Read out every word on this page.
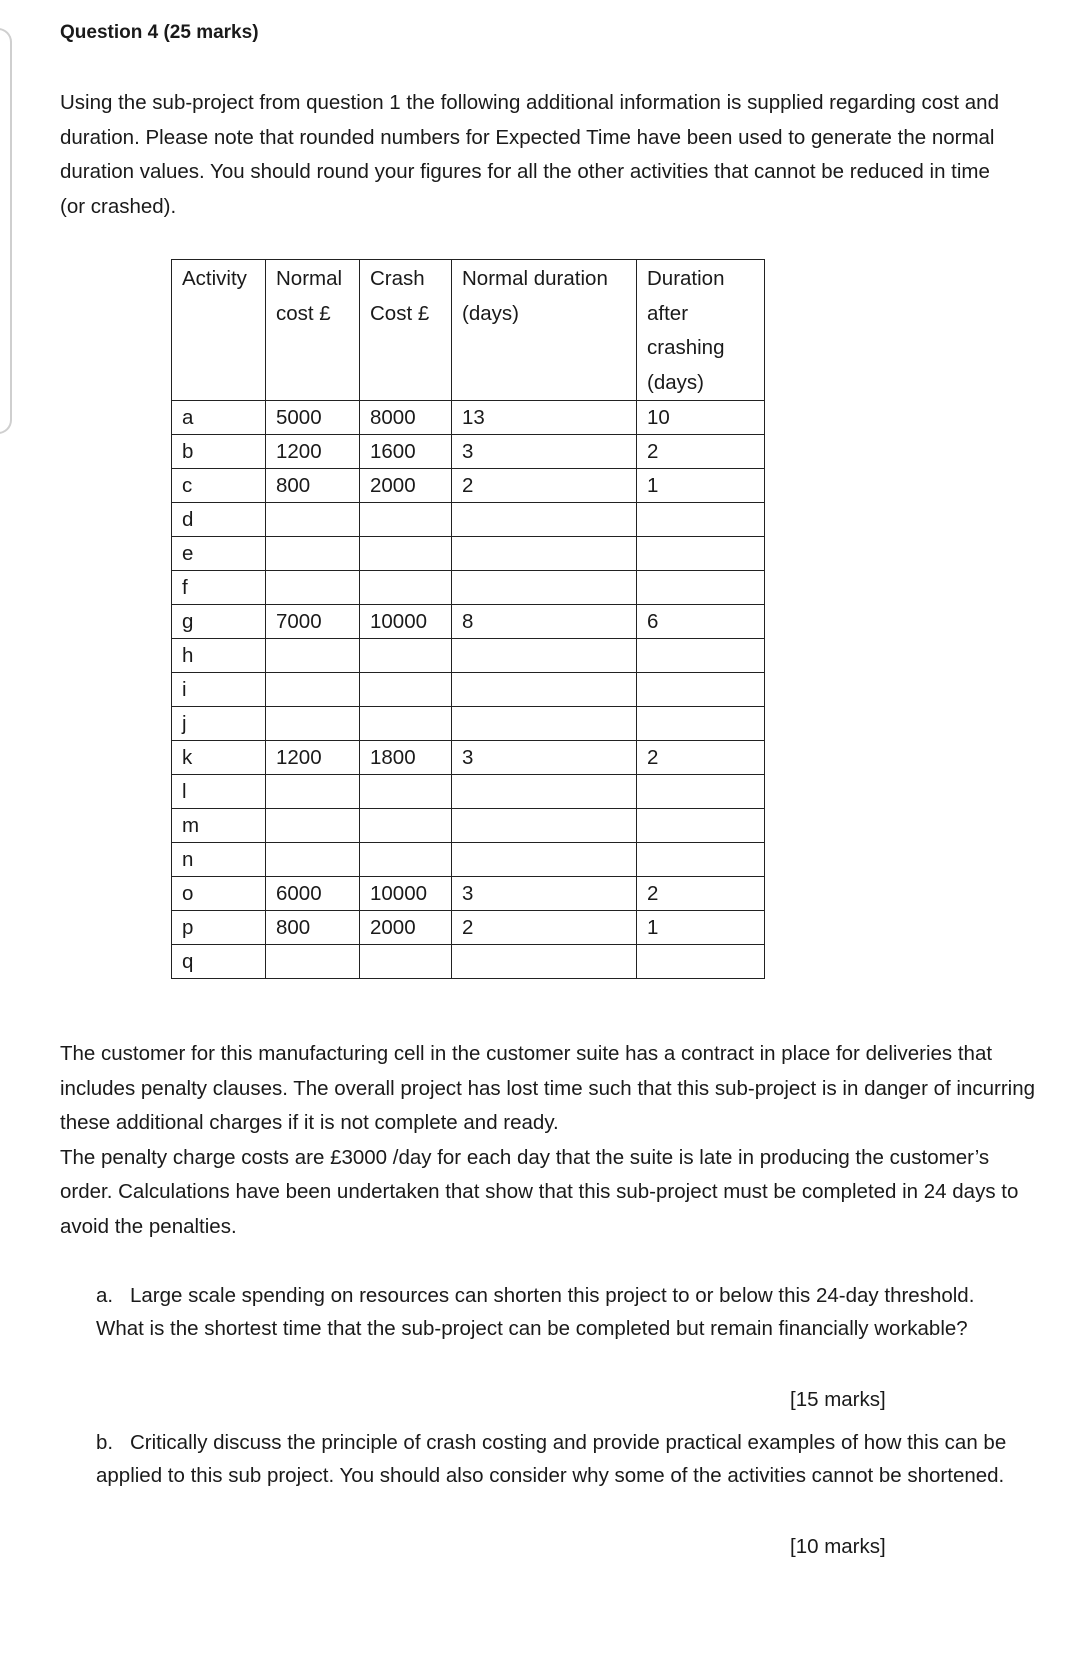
Question 4 (25 marks)

Using the sub-project from question 1 the following additional information is supplied regarding cost and duration. Please note that rounded numbers for Expected Time have been used to generate the normal duration values. You should round your figures for all the other activities that cannot be reduced in time (or crashed).

Activity	Normal cost £	Crash Cost £	Normal duration (days)	Duration after crashing (days)
a	5000	8000	13	10
b	1200	1600	3	2
c	800	2000	2	1
d				
e				
f				
g	7000	10000	8	6
h				
i				
j				
k	1200	1800	3	2
l				
m				
n				
o	6000	10000	3	2
p	800	2000	2	1
q				
The customer for this manufacturing cell in the customer suite has a contract in place for deliveries that includes penalty clauses. The overall project has lost time such that this sub-project is in danger of incurring these additional charges if it is not complete and ready.
The penalty charge costs are £3000 /day for each day that the suite is late in producing the customer’s order. Calculations have been undertaken that show that this sub-project must be completed in 24 days to avoid the penalties.
a. Large scale spending on resources can shorten this project to or below this 24-day threshold. What is the shortest time that the sub-project can be completed but remain financially workable?
[15 marks]
b. Critically discuss the principle of crash costing and provide practical examples of how this can be applied to this sub project. You should also consider why some of the activities cannot be shortened.
[10 marks]
